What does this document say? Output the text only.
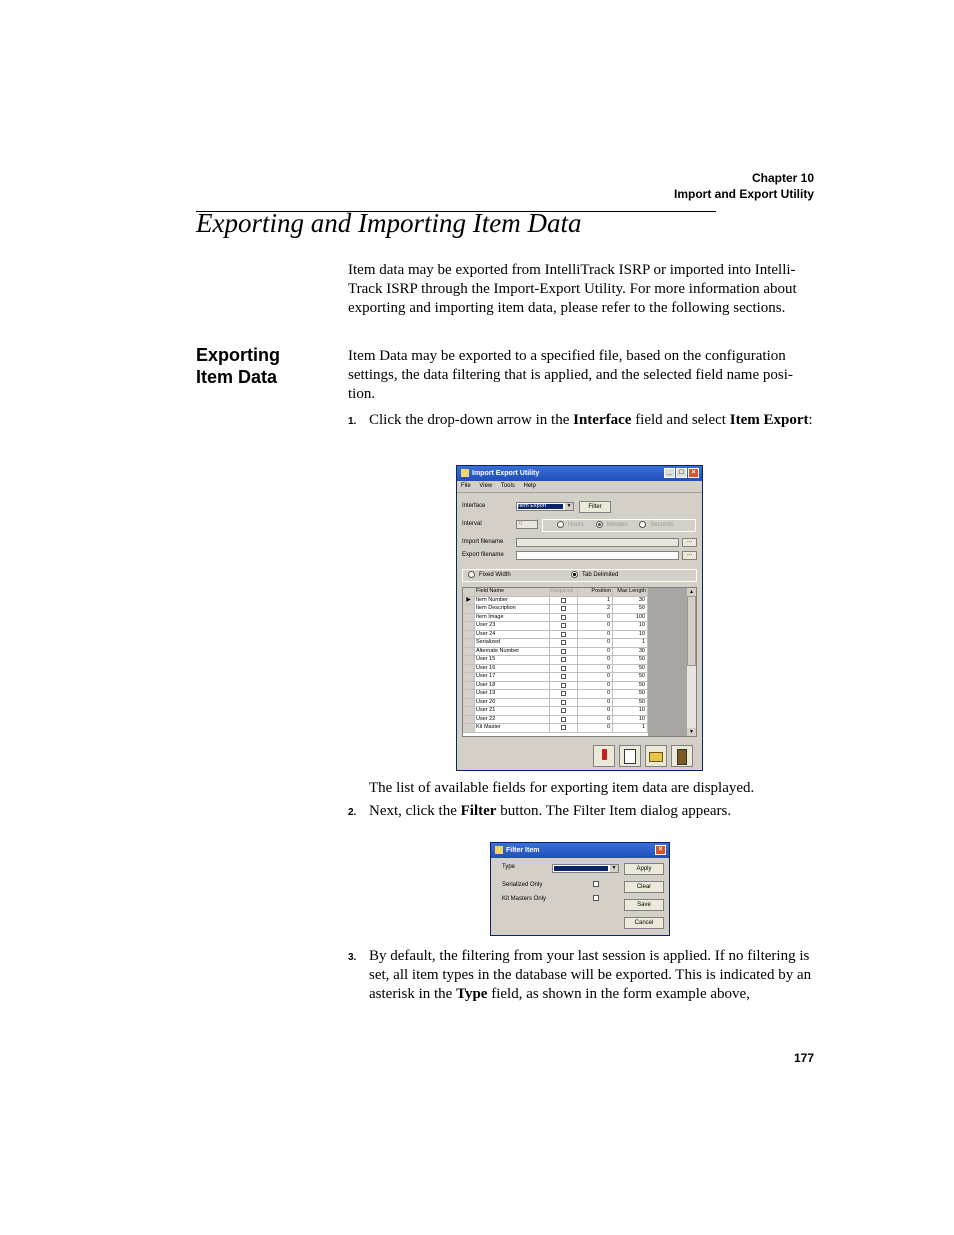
Chapter 10
Import and Export Utility
Exporting and Importing Item Data
Item data may be exported from IntelliTrack ISRP or imported into Intelli-Track ISRP through the Import-Export Utility. For more information about exporting and importing item data, please refer to the following sections.
Exporting Item Data
Item Data may be exported to a specified file, based on the configuration settings, the data filtering that is applied, and the selected field name posi-tion.
1. Click the drop-down arrow in the Interface field and select Item Export:
Import Export Utility	_	□	×
File View Tools Help
Interface	Item Export	▼	Filter
Interval	0	Hours	Minutes	Seconds
Import filename	...
Export filename	...
Fixed Width	Tab Delimited
Field Name	Required	Position	Max Length
▶ Item Number	1	30
Item Description	2	50
Item Image	0	100
User 23	0	10
User 24	0	10
Serialized	0	1
Alternate Number	0	30
User 15	0	50
User 16	0	50
User 17	0	50
User 18	0	50
User 19	0	50
User 20	0	50
User 21	0	10
User 22	0	10
Kit Master	0	1
▲
▼
The list of available fields for exporting item data are displayed.
2. Next, click the Filter button. The Filter Item dialog appears.
Filter Item	×
Type	▼
Serialized Only
Kit Masters Only
Apply
Clear
Save
Cancel
3. By default, the filtering from your last session is applied. If no filtering is set, all item types in the database will be exported. This is indicated by an asterisk in the Type field, as shown in the form example above,
177
